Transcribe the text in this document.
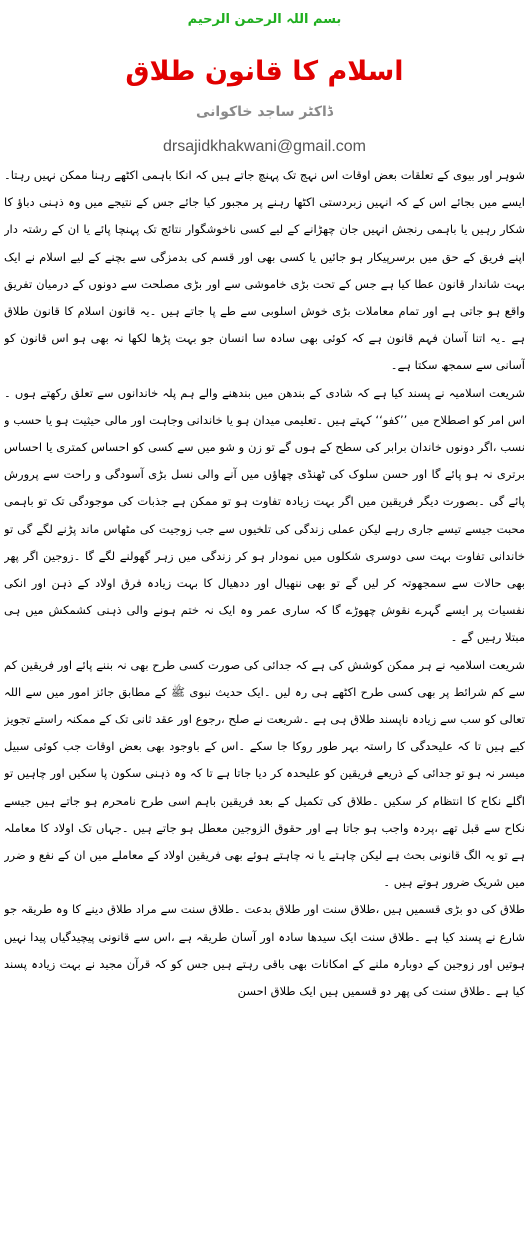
بسم اللہ الرحمن الرحیم
اسلام کا قانون طلاق
ڈاکٹر ساجد خاکوانی
drsajidkhakwani@gmail.com

شوہر اور بیوی کے تعلقات بعض اوقات اس نہج تک پہنچ جاتے ہیں کہ انکا باہمی اکٹھے رہنا ممکن نہیں رہتا۔ایسے میں بجائے اس کے کہ انہیں زبردستی اکٹھا رہنے پر مجبور کیا جائے جس کے نتیجے میں وہ ذہنی دباؤ کا شکار رہیں یا باہمی رنجش انہیں جان چھڑانے کے لیے کسی ناخوشگوار نتائج تک پہنچا پائے یا ان کے رشتہ دار اپنے فریق کے حق میں برسرپیکار ہو جائیں یا کسی بھی اور قسم کی بدمزگی سے بچنے کے لیے اسلام نے ایک بہت شاندار قانون عطا کیا ہے جس کے تحت بڑی خاموشی سے اور بڑی مصلحت سے دونوں کے درمیان تفریق واقع ہو جاتی ہے اور تمام معاملات بڑی خوش اسلوبی سے طے پا جاتے ہیں ۔یہ قانون اسلام کا قانون طلاق ہے ۔یہ اتنا آسان فہم قانون ہے کہ کوئی بھی سادہ سا انسان جو بہت پڑھا لکھا نہ بھی ہو اس قانون کو آسانی سے سمجھ سکتا ہے۔

شریعت اسلامیہ نے پسند کیا ہے کہ شادی کے بندھن میں بندھنے والے ہم پلہ خاندانوں سے تعلق رکھتے ہوں ۔اس امر کو اصطلاح میں ’’کفو‘‘ کہتے ہیں ۔تعلیمی میدان ہو یا خاندانی وجاہت اور مالی حیثیت ہو یا حسب و نسب ،اگر دونوں خاندان برابر کی سطح کے ہوں گے تو زن و شو میں سے کسی کو احساس کمتری یا احساس برتری نہ ہو پائے گا اور حسن سلوک کی ٹھنڈی چھاؤں میں آنے والی نسل بڑی آسودگی و راحت سے پرورش پائے گی ۔بصورت دیگر فریقین میں اگر بہت زیادہ تفاوت ہو تو ممکن ہے جذبات کی موجودگی تک تو باہمی محبت جیسے تیسے جاری رہے لیکن عملی زندگی کی تلخیوں سے جب زوجیت کی مٹھاس ماند پڑنے لگے گی تو خاندانی تفاوت بہت سی دوسری شکلوں میں نمودار ہو کر زندگی میں زہر گھولنے لگے گا ۔زوجین اگر پھر بھی حالات سے سمجھوتہ کر لیں گے تو بھی ننھیال اور ددھیال کا بہت زیادہ فرق اولاد کے ذہن اور انکی نفسیات پر ایسے گہرے نقوش چھوڑے گا کہ ساری عمر وہ ایک نہ ختم ہونے والی ذہنی کشمکش میں ہی مبتلا رہیں گے ۔

شریعت اسلامیہ نے ہر ممکن کوشش کی ہے کہ جدائی کی صورت کسی طرح بھی نہ بننے پائے اور فریقین کم سے کم شرائط پر بھی کسی طرح اکٹھے ہی رہ لیں ۔ایک حدیث نبوی ﷺ کے مطابق جائز امور میں سے اللہ تعالی کو سب سے زیادہ ناپسند طلاق ہی ہے ۔شریعت نے صلح ،رجوع اور عقد ثانی تک کے ممکنہ راستے تجویز کیے ہیں تا کہ علیحدگی کا راستہ بہر طور روکا جا سکے ۔اس کے باوجود بھی بعض اوقات جب کوئی سبیل میسر نہ ہو تو جدائی کے ذریعے فریقین کو علیحدہ کر دیا جاتا ہے تا کہ وہ ذہنی سکون پا سکیں اور چاہیں تو اگلے نکاح کا انتظام کر سکیں ۔طلاق کی تکمیل کے بعد فریقین باہم اسی طرح نامحرم ہو جاتے ہیں جیسے نکاح سے قبل تھے ،پردہ واجب ہو جاتا ہے اور حقوق الزوجین معطل ہو جاتے ہیں ۔جہاں تک اولاد کا معاملہ ہے تو یہ الگ قانونی بحث ہے لیکن چاہتے یا نہ چاہتے ہوئے بھی فریقین اولاد کے معاملے میں ان کے نفع و ضرر میں شریک ضرور ہوتے ہیں ۔

طلاق کی دو بڑی قسمیں ہیں ،طلاق سنت اور طلاق بدعت ۔طلاق سنت سے مراد طلاق دینے کا وہ طریقہ جو شارع نے پسند کیا ہے ۔طلاق سنت ایک سیدھا سادہ اور آسان طریقہ ہے ،اس سے قانونی پیچیدگیاں پیدا نہیں ہوتیں اور زوجین کے دوبارہ ملنے کے امکانات بھی باقی رہتے ہیں جس کو کہ قرآن مجید نے بہت زیادہ پسند کیا ہے ۔طلاق سنت کی پھر دو قسمیں ہیں ایک طلاق احسن
